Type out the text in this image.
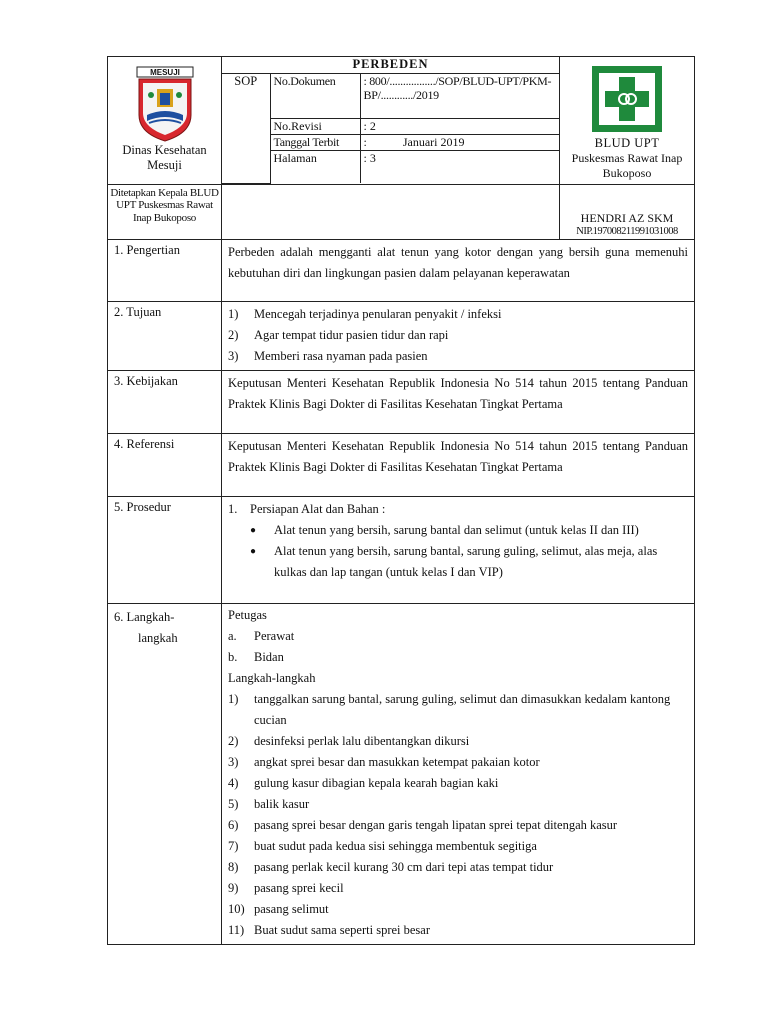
MESUJI
Dinas Kesehatan Mesuji

PERBEDEN
SOP	No.Dokumen	: 800/................./SOP/BLUD-UPT/PKM-BP/............/2019
No.Revisi	: 2
Tanggal Terbit	:            Januari 2019
Halaman	: 3

BLUD UPT
Puskesmas Rawat Inap Bukoposo

Ditetapkan Kepala BLUD UPT Puskesmas Rawat Inap Bukoposo		HENDRI AZ SKM
NIP.197008211991031008

1. Pengertian	Perbeden adalah mengganti alat tenun yang kotor dengan yang bersih guna memenuhi kebutuhan diri dan lingkungan pasien dalam pelayanan keperawatan
2. Tujuan	1)	Mencegah terjadinya penularan penyakit / infeksi
2)	Agar tempat tidur pasien tidur dan rapi
3)	Memberi rasa nyaman pada pasien

3. Kebijakan	Keputusan Menteri Kesehatan Republik Indonesia No 514 tahun 2015 tentang Panduan Praktek Klinis Bagi Dokter di Fasilitas Kesehatan Tingkat Pertama
4. Referensi	Keputusan Menteri Kesehatan Republik Indonesia No 514 tahun 2015 tentang Panduan Praktek Klinis Bagi Dokter di Fasilitas Kesehatan Tingkat Pertama
5. Prosedur	1.	Persiapan Alat dan Bahan :
●	Alat tenun yang bersih, sarung bantal dan selimut (untuk kelas II dan III)
●	Alat tenun yang bersih, sarung bantal, sarung guling, selimut, alas meja, alas kulkas dan lap tangan (untuk kelas I dan VIP)

6. Langkah-
langkah

Petugas
a.	Perawat
b.	Bidan
Langkah-langkah
1)	tanggalkan sarung bantal, sarung guling, selimut dan dimasukkan kedalam kantong cucian
2)	desinfeksi perlak lalu dibentangkan dikursi
3)	angkat sprei besar dan masukkan ketempat pakaian kotor
4)	gulung kasur dibagian kepala kearah bagian kaki
5)	balik kasur
6)	pasang sprei besar dengan garis tengah lipatan sprei tepat ditengah kasur
7)	buat sudut pada kedua sisi sehingga membentuk segitiga
8)	pasang perlak kecil kurang 30 cm dari tepi atas tempat tidur
9)	pasang sprei kecil
10) pasang selimut
11) Buat sudut sama seperti sprei besar
